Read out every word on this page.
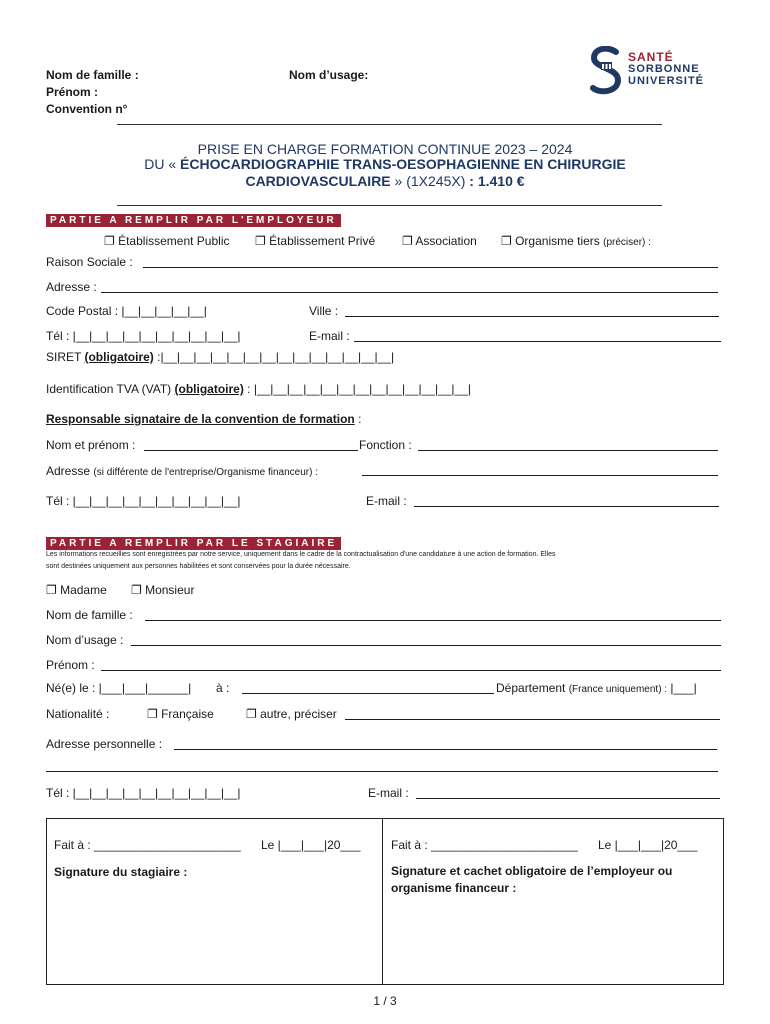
Nom de famille :
Prénom :
Convention n°
Nom d’usage:
SANTÉ
SORBONNE
UNIVERSITÉ
PRISE EN CHARGE FORMATION CONTINUE 2023 – 2024
DU « ÉCHOCARDIOGRAPHIE TRANS-OESOPHAGIENNE EN CHIRURGIE
CARDIOVASCULAIRE » (1X245X) : 1.410 €
PARTIE A REMPLIR PAR L'EMPLOYEUR
❐ Établissement Public ❐ Établissement Privé ❐ Association ❐ Organisme tiers (préciser) :
Raison Sociale :
Adresse :
Code Postal : |__|__|__|__|__|	Ville :
Tél : |__|__|__|__|__|__|__|__|__|__|	E-mail :
SIRET (obligatoire) :|__|__|__|__|__|__|__|__|__|__|__|__|__|__|
Identification TVA (VAT) (obligatoire) : |__|__|__|__|__|__|__|__|__|__|__|__|__|
Responsable signataire de la convention de formation :
Nom et prénom :	Fonction :
Adresse (si différente de l'entreprise/Organisme financeur) :
Tél : |__|__|__|__|__|__|__|__|__|__|	E-mail :
PARTIE A REMPLIR PAR LE STAGIAIRE
Les informations recueillies sont enregistrées par notre service, uniquement dans le cadre de la contractualisation d'une candidature à une action de formation. Elles
sont destinées uniquement aux personnes habilitées et sont conservées pour la durée nécessaire.
❐ Madame ❐ Monsieur
Nom de famille :
Nom d’usage :
Prénom :
Né(e) le : |___|___|______| à :	Département (France uniquement) : |___|
Nationalité :	❐ Française	❐ autre, préciser
Adresse personnelle :
Tél : |__|__|__|__|__|__|__|__|__|__|	E-mail :
Fait à : ______________________ Le |___|___|20___
Signature du stagiaire :
Fait à : ______________________ Le |___|___|20___
Signature et cachet obligatoire de l’employeur ou
organisme financeur :
1 / 3
